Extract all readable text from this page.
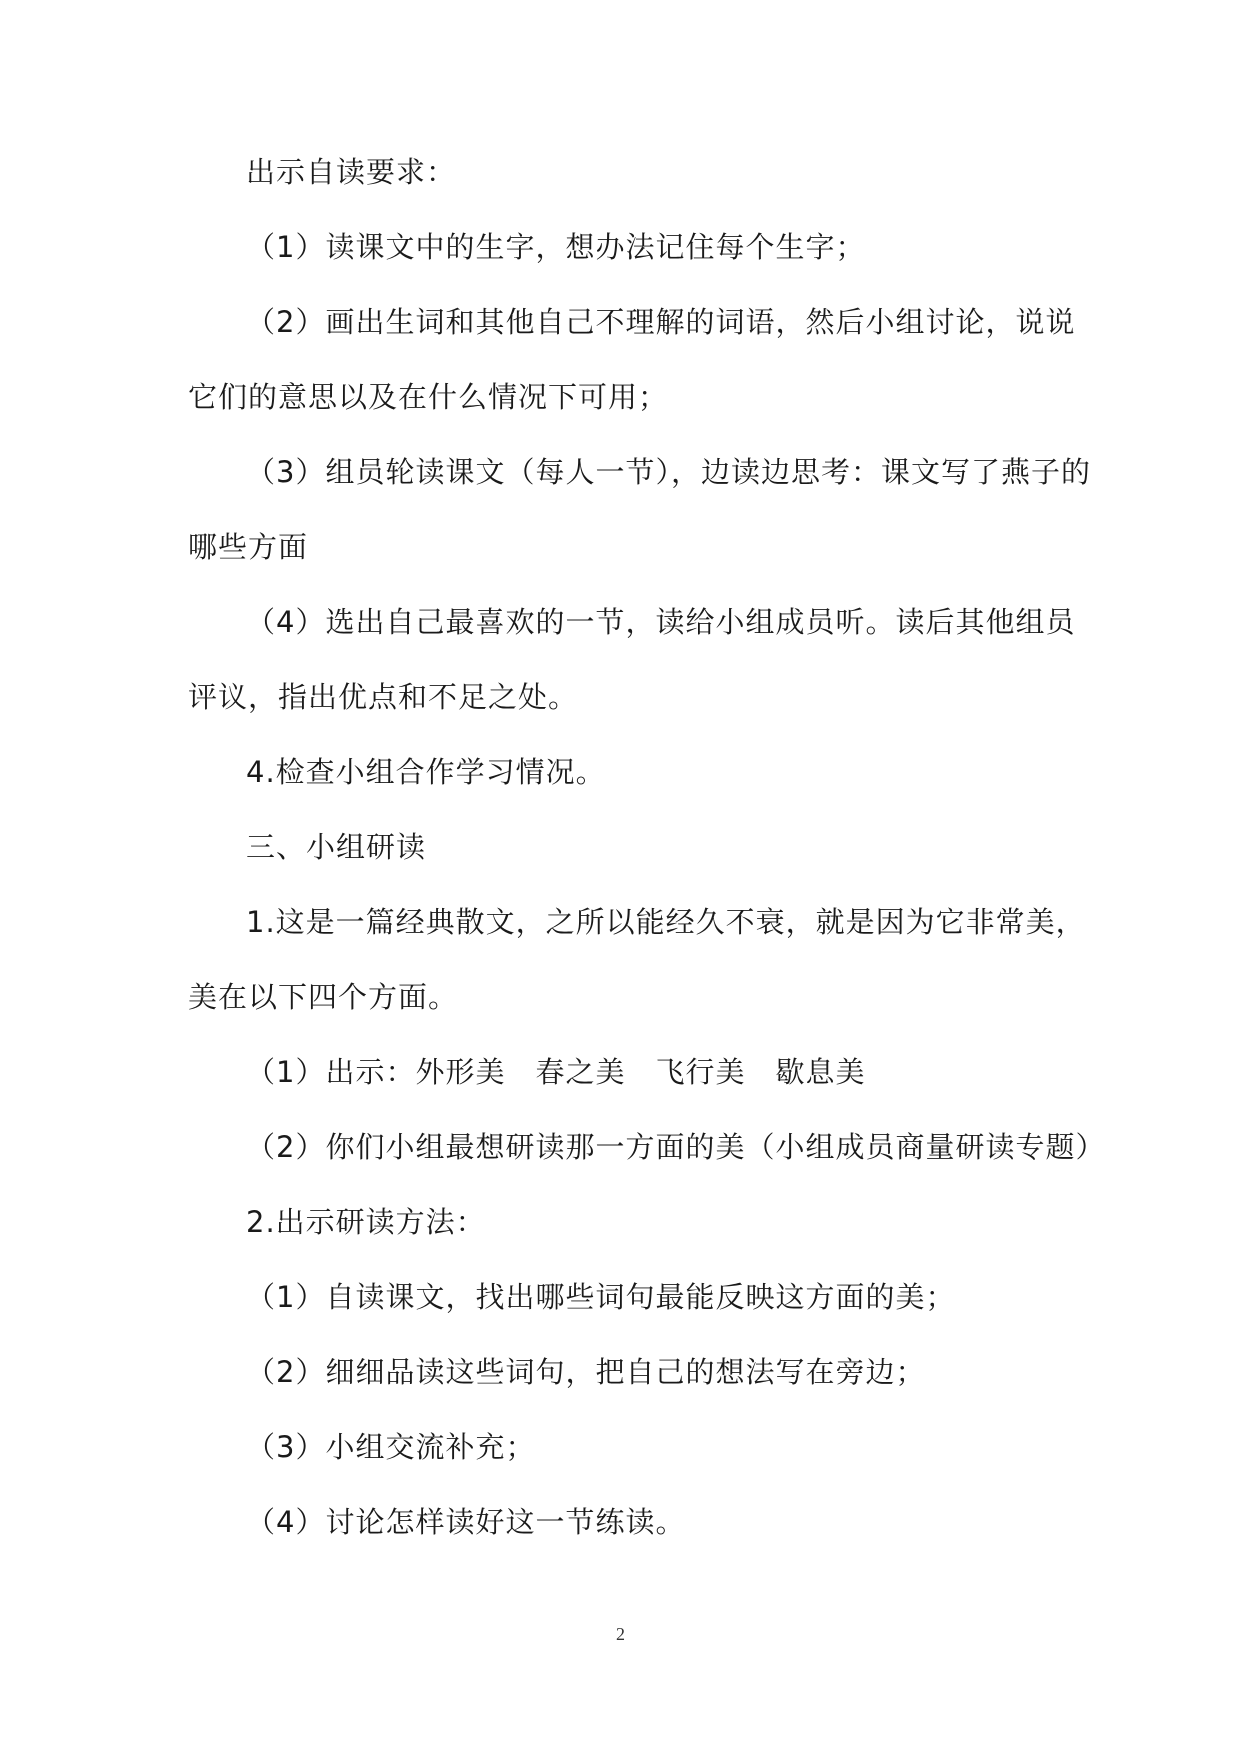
出示自读要求：
（1）读课文中的生字，想办法记住每个生字；
（2）画出生词和其他自己不理解的词语，然后小组讨论，说说
它们的意思以及在什么情况下可用；
（3）组员轮读课文（每人一节），边读边思考：课文写了燕子的
哪些方面
（4）选出自己最喜欢的一节，读给小组成员听。读后其他组员
评议，指出优点和不足之处。
4.检查小组合作学习情况。
三、小组研读
1.这是一篇经典散文，之所以能经久不衰，就是因为它非常美，
美在以下四个方面。
（1）出示：外形美　春之美　飞行美　歇息美
（2）你们小组最想研读那一方面的美（小组成员商量研读专题）
2.出示研读方法：
（1）自读课文，找出哪些词句最能反映这方面的美；
（2）细细品读这些词句，把自己的想法写在旁边；
（3）小组交流补充；
（4）讨论怎样读好这一节练读。
2
